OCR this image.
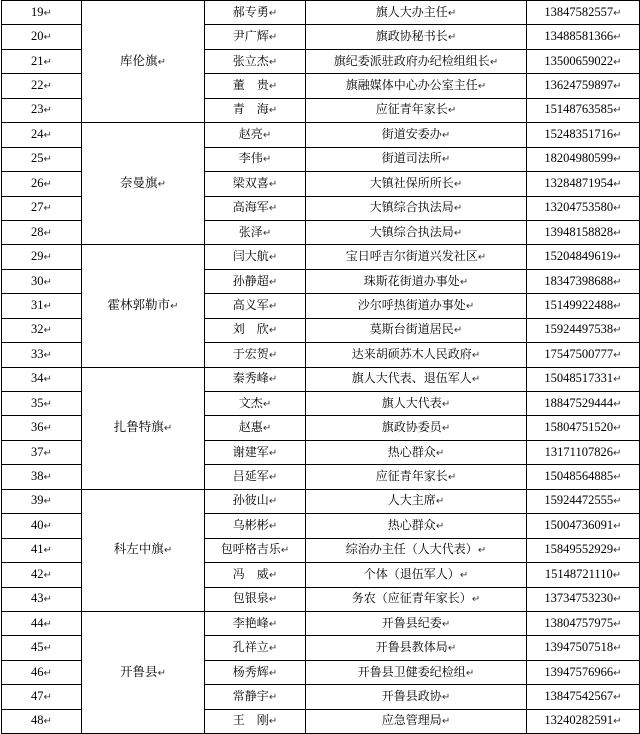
19↵	库伦旗↵	郝专勇↵	旗人大办主任↵	13847582557↵
20↵		尹广辉↵	旗政协秘书长↵	13488581366↵
21↵		张立杰↵	旗纪委派驻政府办纪检组组长↵	13500659022↵
22↵		董　贵↵	旗融媒体中心办公室主任↵	13624759897↵
23↵		青　海↵	应征青年家长↵	15148763585↵
24↵	奈曼旗↵	赵亮↵	街道安委办↵	15248351716↵
25↵		李伟↵	街道司法所↵	18204980599↵
26↵		梁双喜↵	大镇社保所所长↵	13284871954↵
27↵		高海军↵	大镇综合执法局↵	13204753580↵
28↵		张泽↵	大镇综合执法局↵	13948158828↵
29↵	霍林郭勒市↵	闫大航↵	宝日呼吉尔街道兴发社区↵	15204849619↵
30↵		孙静超↵	珠斯花街道办事处↵	18347398688↵
31↵		高义军↵	沙尔呼热街道办事处↵	15149922488↵
32↵		刘　欣↵	莫斯台街道居民↵	15924497538↵
33↵		于宏贺↵	达来胡硕苏木人民政府↵	17547500777↵
34↵	扎鲁特旗↵	秦秀峰↵	旗人大代表、退伍军人↵	15048517331↵
35↵		文杰↵	旗人大代表↵	18847529444↵
36↵		赵惠↵	旗政协委员↵	15804751520↵
37↵		谢建军↵	热心群众↵	13171107826↵
38↵		吕延军↵	应征青年家长↵	15048564885↵
39↵	科左中旗↵	孙彼山↵	人大主席↵	15924472555↵
40↵		乌彬彬↵	热心群众↵	15004736091↵
41↵		包呼格吉乐↵	综治办主任（人大代表）↵	15849552929↵
42↵		冯　威↵	个体（退伍军人）↵	15148721110↵
43↵		包银泉↵	务农（应征青年家长）↵	13734753230↵
44↵	开鲁县↵	李艳峰↵	开鲁县纪委↵	13804757975↵
45↵		孔祥立↵	开鲁县教体局↵	13947507518↵
46↵		杨秀辉↵	开鲁县卫健委纪检组↵	13947576966↵
47↵		常静宇↵	开鲁县政协↵	13847542567↵
48↵		王　刚↵	应急管理局↵	13240282591↵
